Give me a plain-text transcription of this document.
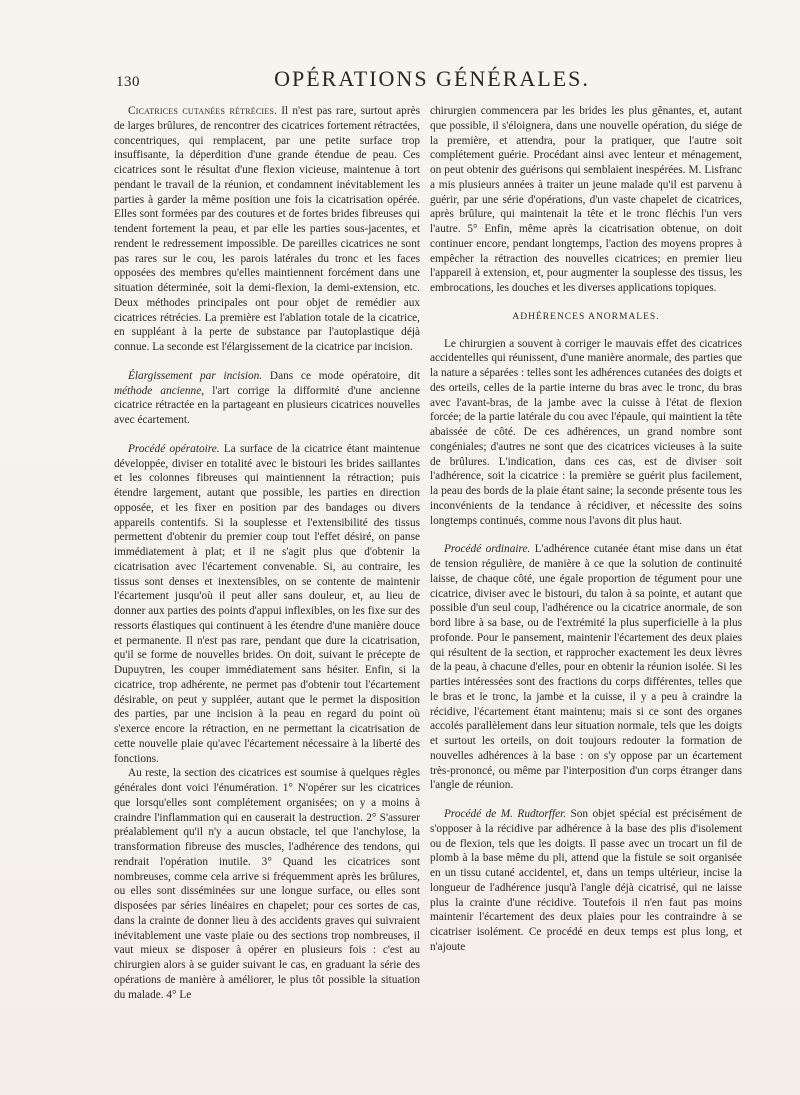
130	OPÉRATIONS GÉNÉRALES.

Cicatrices cutanées rétrécies. Il n'est pas rare, surtout après de larges brûlures, de rencontrer des cicatrices fortement rétractées, concentriques, qui remplacent, par une petite surface trop insuffisante, la déperdition d'une grande étendue de peau. Ces cicatrices sont le résultat d'une flexion vicieuse, maintenue à tort pendant le travail de la réunion, et condamnent inévitablement les parties à garder la même position une fois la cicatrisation opérée. Elles sont formées par des coutures et de fortes brides fibreuses qui tendent fortement la peau, et par elle les parties sous-jacentes, et rendent le redressement impossible. De pareilles cicatrices ne sont pas rares sur le cou, les parois latérales du tronc et les faces opposées des membres qu'elles maintiennent forcément dans une situation déterminée, soit la demi-flexion, la demi-extension, etc. Deux méthodes principales ont pour objet de remédier aux cicatrices rétrécies. La première est l'ablation totale de la cicatrice, en suppléant à la perte de substance par l'autoplastique déjà connue. La seconde est l'élargissement de la cicatrice par incision.

Élargissement par incision. Dans ce mode opératoire, dit méthode ancienne, l'art corrige la difformité d'une ancienne cicatrice rétractée en la partageant en plusieurs cicatrices nouvelles avec écartement.

Procédé opératoire. La surface de la cicatrice étant maintenue développée, diviser en totalité avec le bistouri les brides saillantes et les colonnes fibreuses qui maintiennent la rétraction; puis étendre largement, autant que possible, les parties en direction opposée, et les fixer en position par des bandages ou divers appareils contentifs. Si la souplesse et l'extensibilité des tissus permettent d'obtenir du premier coup tout l'effet désiré, on panse immédiatement à plat; et il ne s'agit plus que d'obtenir la cicatrisation avec l'écartement convenable. Si, au contraire, les tissus sont denses et inextensibles, on se contente de maintenir l'écartement jusqu'où il peut aller sans douleur, et, au lieu de donner aux parties des points d'appui inflexibles, on les fixe sur des ressorts élastiques qui continuent à les étendre d'une manière douce et permanente. Il n'est pas rare, pendant que dure la cicatrisation, qu'il se forme de nouvelles brides. On doit, suivant le précepte de Dupuytren, les couper immédiatement sans hésiter. Enfin, si la cicatrice, trop adhérente, ne permet pas d'obtenir tout l'écartement désirable, on peut y suppléer, autant que le permet la disposition des parties, par une incision à la peau en regard du point où s'exerce encore la rétraction, en ne permettant la cicatrisation de cette nouvelle plaie qu'avec l'écartement nécessaire à la liberté des fonctions.

Au reste, la section des cicatrices est soumise à quelques règles générales dont voici l'énumération. 1° N'opérer sur les cicatrices que lorsqu'elles sont complétement organisées; on y a moins à craindre l'inflammation qui en causerait la destruction. 2° S'assurer préalablement qu'il n'y a aucun obstacle, tel que l'anchylose, la transformation fibreuse des muscles, l'adhérence des tendons, qui rendrait l'opération inutile. 3° Quand les cicatrices sont nombreuses, comme cela arrive si fréquemment après les brûlures, ou elles sont disséminées sur une longue surface, ou elles sont disposées par séries linéaires en chapelet; pour ces sortes de cas, dans la crainte de donner lieu à des accidents graves qui suivraient inévitablement une vaste plaie ou des sections trop nombreuses, il vaut mieux se disposer à opérer en plusieurs fois : c'est au chirurgien alors à se guider suivant le cas, en graduant la série des opérations de manière à améliorer, le plus tôt possible la situation du malade. 4° Le

chirurgien commencera par les brides les plus gênantes, et, autant que possible, il s'éloignera, dans une nouvelle opération, du siége de la première, et attendra, pour la pratiquer, que l'autre soit complétement guérie. Procédant ainsi avec lenteur et ménagement, on peut obtenir des guérisons qui semblaient inespérées. M. Lisfranc a mis plusieurs années à traiter un jeune malade qu'il est parvenu à guérir, par une série d'opérations, d'un vaste chapelet de cicatrices, après brûlure, qui maintenait la tête et le tronc fléchis l'un vers l'autre. 5° Enfin, même après la cicatrisation obtenue, on doit continuer encore, pendant longtemps, l'action des moyens propres à empêcher la rétraction des nouvelles cicatrices; en premier lieu l'appareil à extension, et, pour augmenter la souplesse des tissus, les embrocations, les douches et les diverses applications topiques.

ADHÉRENCES ANORMALES.

Le chirurgien a souvent à corriger le mauvais effet des cicatrices accidentelles qui réunissent, d'une manière anormale, des parties que la nature a séparées : telles sont les adhérences cutanées des doigts et des orteils, celles de la partie interne du bras avec le tronc, du bras avec l'avant-bras, de la jambe avec la cuisse à l'état de flexion forcée; de la partie latérale du cou avec l'épaule, qui maintient la tête abaissée de côté. De ces adhérences, un grand nombre sont congéniales; d'autres ne sont que des cicatrices vicieuses à la suite de brûlures. L'indication, dans ces cas, est de diviser soit l'adhérence, soit la cicatrice : la première se guérit plus facilement, la peau des bords de la plaie étant saine; la seconde présente tous les inconvénients de la tendance à récidiver, et nécessite des soins longtemps continués, comme nous l'avons dit plus haut.

Procédé ordinaire. L'adhérence cutanée étant mise dans un état de tension régulière, de manière à ce que la solution de continuité laisse, de chaque côté, une égale proportion de tégument pour une cicatrice, diviser avec le bistouri, du talon à sa pointe, et autant que possible d'un seul coup, l'adhérence ou la cicatrice anormale, de son bord libre à sa base, ou de l'extrémité la plus superficielle à la plus profonde. Pour le pansement, maintenir l'écartement des deux plaies qui résultent de la section, et rapprocher exactement les deux lèvres de la peau, à chacune d'elles, pour en obtenir la réunion isolée. Si les parties intéressées sont des fractions du corps différentes, telles que le bras et le tronc, la jambe et la cuisse, il y a peu à craindre la récidive, l'écartement étant maintenu; mais si ce sont des organes accolés parallèlement dans leur situation normale, tels que les doigts et surtout les orteils, on doit toujours redouter la formation de nouvelles adhérences à la base : on s'y oppose par un écartement très-prononcé, ou même par l'interposition d'un corps étranger dans l'angle de réunion.

Procédé de M. Rudtorffer. Son objet spécial est précisément de s'opposer à la récidive par adhérence à la base des plis d'isolement ou de flexion, tels que les doigts. Il passe avec un trocart un fil de plomb à la base même du pli, attend que la fistule se soit organisée en un tissu cutané accidentel, et, dans un temps ultérieur, incise la longueur de l'adhérence jusqu'à l'angle déjà cicatrisé, qui ne laisse plus la crainte d'une récidive. Toutefois il n'en faut pas moins maintenir l'écartement des deux plaies pour les contraindre à se cicatriser isolément. Ce procédé en deux temps est plus long, et n'ajoute
